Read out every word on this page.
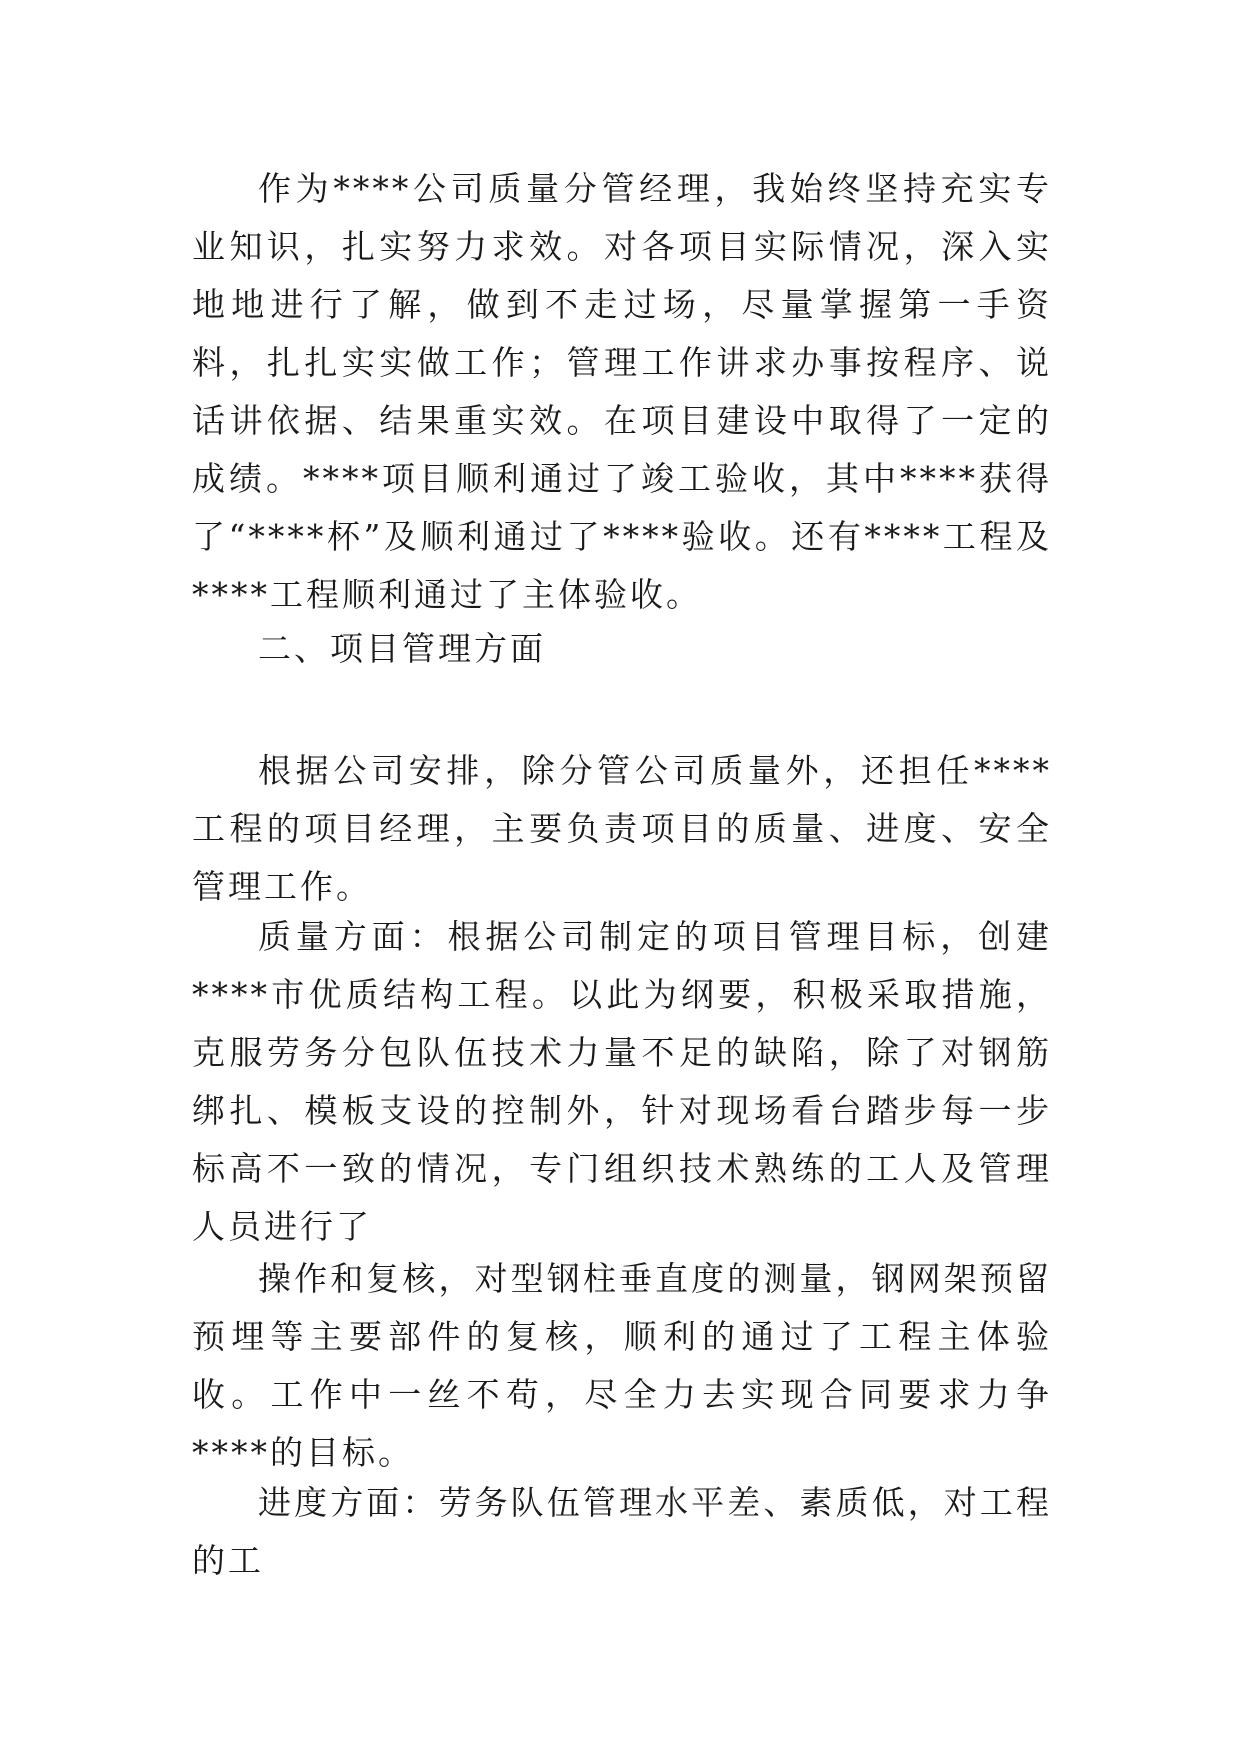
作为****公司质量分管经理，我始终坚持充实专业知识，扎实努力求效。对各项目实际情况，深入实地地进行了解，做到不走过场，尽量掌握第一手资料，扎扎实实做工作；管理工作讲求办事按程序、说话讲依据、结果重实效。在项目建设中取得了一定的成绩。****项目顺利通过了竣工验收，其中****获得了“****杯”及顺利通过了****验收。还有****工程及****工程顺利通过了主体验收。

二、项目管理方面

根据公司安排，除分管公司质量外，还担任****工程的项目经理，主要负责项目的质量、进度、安全管理工作。

质量方面：根据公司制定的项目管理目标，创建****市优质结构工程。以此为纲要，积极采取措施，克服劳务分包队伍技术力量不足的缺陷，除了对钢筋绑扎、模板支设的控制外，针对现场看台踏步每一步标高不一致的情况，专门组织技术熟练的工人及管理人员进行了

操作和复核，对型钢柱垂直度的测量，钢网架预留预埋等主要部件的复核，顺利的通过了工程主体验收。工作中一丝不苟，尽全力去实现合同要求力争****的目标。

进度方面：劳务队伍管理水平差、素质低，对工程的工
